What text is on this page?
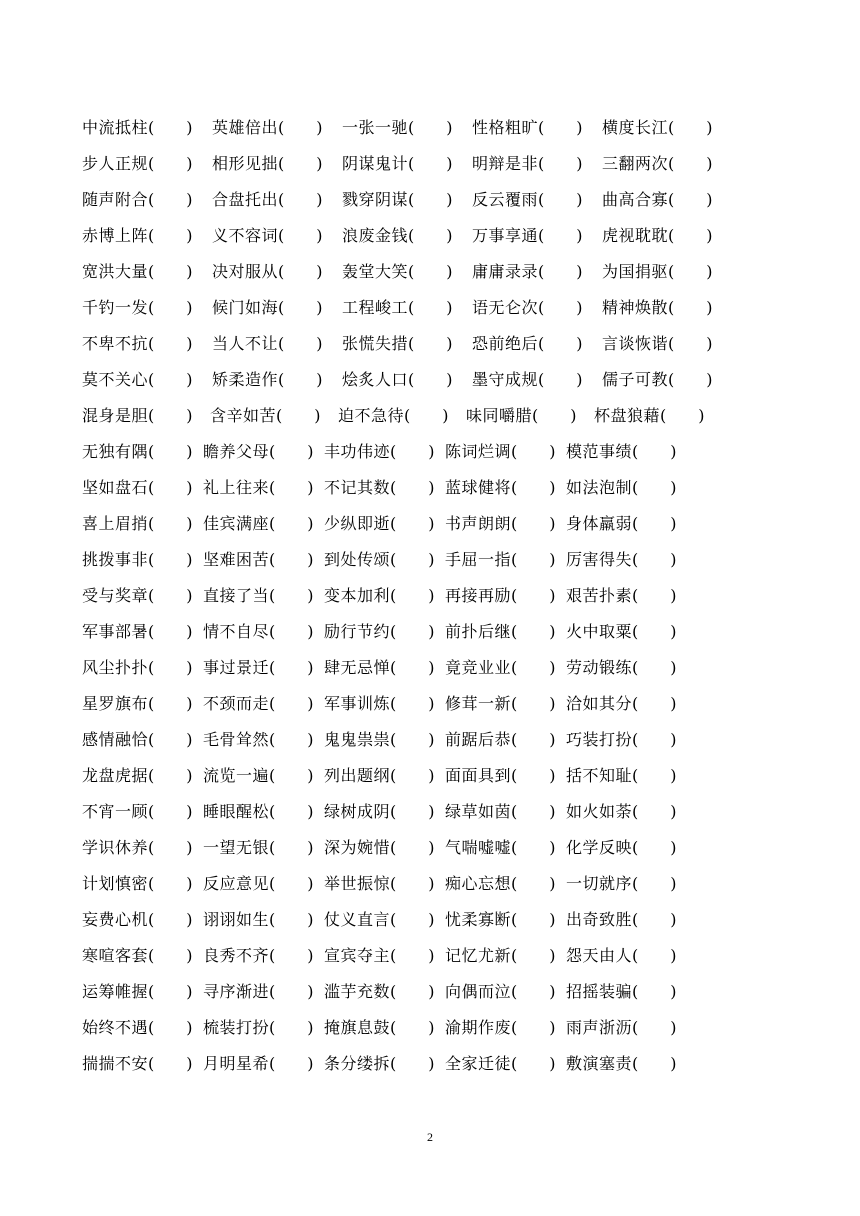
中流抵柱(　　) 英雄倍出(　　) 一张一驰(　　) 性格粗旷(　　) 横度长江(　　)
步人正规(　　) 相形见拙(　　) 阴谋鬼计(　　) 明辩是非(　　) 三翻两次(　　)
随声附合(　　) 合盘托出(　　) 戮穿阴谋(　　) 反云覆雨(　　) 曲高合寡(　　)
赤博上阵(　　) 义不容词(　　) 浪废金钱(　　) 万事享通(　　) 虎视耽耽(　　)
宽洪大量(　　) 决对服从(　　) 轰堂大笑(　　) 庸庸录录(　　) 为国捐驱(　　)
千钓一发(　　) 候门如海(　　) 工程峻工(　　) 语无仑次(　　) 精神焕散(　　)
不卑不抗(　　) 当人不让(　　) 张慌失措(　　) 恐前绝后(　　) 言谈恢谐(　　)
莫不关心(　　) 矫柔造作(　　) 烩炙人口(　　) 墨守成规(　　) 儒子可教(　　)
混身是胆(　　) 含辛如苦(　　) 迫不急待(　　) 味同嚼腊(　　) 杯盘狼藉(　　)
无独有隅(　　) 瞻养父母(　　) 丰功伟迹(　　) 陈词烂调(　　) 模范事绩(　　)
坚如盘石(　　) 礼上往来(　　) 不记其数(　　) 蓝球健将(　　) 如法泡制(　　)
喜上眉捎(　　) 佳宾满座(　　) 少纵即逝(　　) 书声朗朗(　　) 身体羸弱(　　)
挑拨事非(　　) 坚难困苦(　　) 到处传颂(　　) 手屈一指(　　) 厉害得失(　　)
受与奖章(　　) 直接了当(　　) 变本加利(　　) 再接再励(　　) 艰苦扑素(　　)
军事部暑(　　) 情不自尽(　　) 励行节约(　　) 前扑后继(　　) 火中取粟(　　)
风尘扑扑(　　) 事过景迁(　　) 肆无忌惮(　　) 竟竞业业(　　) 劳动锻练(　　)
星罗旗布(　　) 不颈而走(　　) 军事训炼(　　) 修茸一新(　　) 洽如其分(　　)
感情融恰(　　) 毛骨耸然(　　) 鬼鬼祟祟(　　) 前踞后恭(　　) 巧装打扮(　　)
龙盘虎据(　　) 流览一遍(　　) 列出题纲(　　) 面面具到(　　) 括不知耻(　　)
不宵一顾(　　) 睡眼醒松(　　) 绿树成阴(　　) 绿草如茵(　　) 如火如荼(　　)
学识休养(　　) 一望无银(　　) 深为婉惜(　　) 气喘嘘嘘(　　) 化学反映(　　)
计划慎密(　　) 反应意见(　　) 举世振惊(　　) 痴心忘想(　　) 一切就序(　　)
妄费心机(　　) 诩诩如生(　　) 仗义直言(　　) 忧柔寡断(　　) 出奇致胜(　　)
寒喧客套(　　) 良秀不齐(　　) 宣宾夺主(　　) 记忆尤新(　　) 怨天由人(　　)
运筹帷握(　　) 寻序渐进(　　) 滥芋充数(　　) 向偶而泣(　　) 招摇装骗(　　)
始终不遇(　　) 梳装打扮(　　) 掩旗息鼓(　　) 渝期作废(　　) 雨声浙沥(　　)
揣揣不安(　　) 月明星希(　　) 条分缕拆(　　) 全家迁徒(　　) 敷演塞责(　　)
2
